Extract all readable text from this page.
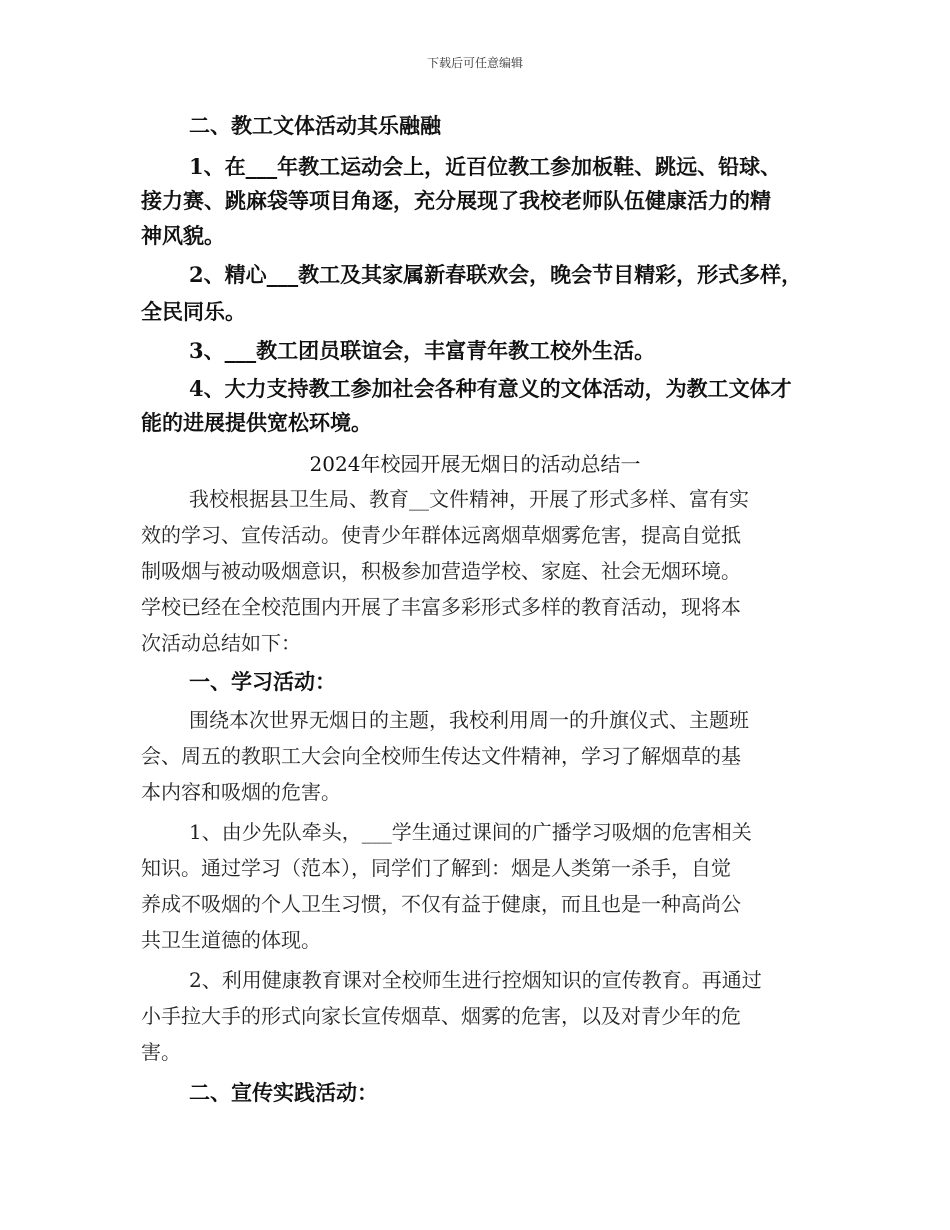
下载后可任意编辑
二、教工文体活动其乐融融
1、在___年教工运动会上，近百位教工参加板鞋、跳远、铅球、
接力赛、跳麻袋等项目角逐，充分展现了我校老师队伍健康活力的精
神风貌。
2、精心___教工及其家属新春联欢会，晚会节目精彩，形式多样，
全民同乐。
3、___教工团员联谊会，丰富青年教工校外生活。
4、大力支持教工参加社会各种有意义的文体活动，为教工文体才
能的进展提供宽松环境。
2024年校园开展无烟日的活动总结一
我校根据县卫生局、教育__文件精神，开展了形式多样、富有实
效的学习、宣传活动。使青少年群体远离烟草烟雾危害，提高自觉抵
制吸烟与被动吸烟意识，积极参加营造学校、家庭、社会无烟环境。
学校已经在全校范围内开展了丰富多彩形式多样的教育活动，现将本
次活动总结如下：
一、学习活动：
围绕本次世界无烟日的主题，我校利用周一的升旗仪式、主题班
会、周五的教职工大会向全校师生传达文件精神，学习了解烟草的基
本内容和吸烟的危害。
1、由少先队牵头，___学生通过课间的广播学习吸烟的危害相关
知识。通过学习（范本），同学们了解到：烟是人类第一杀手，自觉
养成不吸烟的个人卫生习惯，不仅有益于健康，而且也是一种高尚公
共卫生道德的体现。
2、利用健康教育课对全校师生进行控烟知识的宣传教育。再通过
小手拉大手的形式向家长宣传烟草、烟雾的危害，以及对青少年的危
害。
二、宣传实践活动：
